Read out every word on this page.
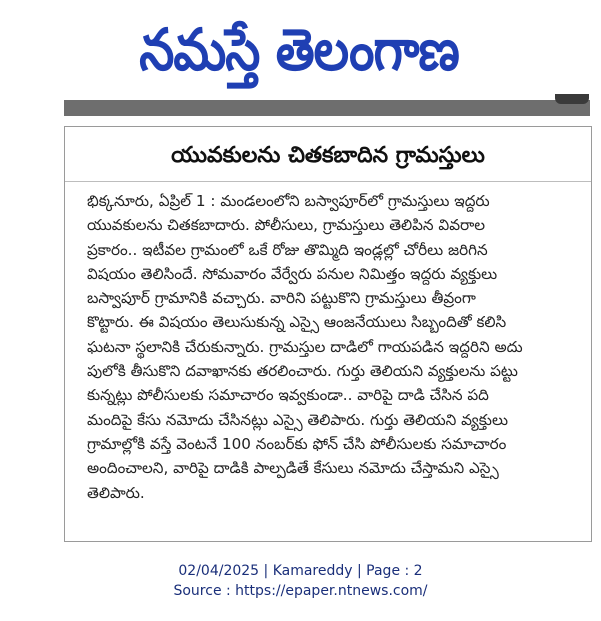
నమస్తే తెలంగాణ
యువకులను చితకబాదిన గ్రామస్తులు
భిక్కనూరు, ఏప్రిల్ 1 : మండలంలోని బస్వాపూర్‌లో గ్రామస్తులు ఇద్దరు
యువకులను చితకబాదారు. పోలీసులు, గ్రామస్తులు తెలిపిన వివరాల
ప్రకారం.. ఇటీవల గ్రామంలో ఒకే రోజు తొమ్మిది ఇండ్లల్లో చోరీలు జరిగిన
విషయం తెలిసిందే. సోమవారం వేర్వేరు పనుల నిమిత్తం ఇద్దరు వ్యక్తులు
బస్వాపూర్ గ్రామానికి వచ్చారు. వారిని పట్టుకొని గ్రామస్తులు తీవ్రంగా
కొట్టారు. ఈ విషయం తెలుసుకున్న ఎస్సై ఆంజనేయులు సిబ్బందితో కలిసి
ఘటనా స్థలానికి చేరుకున్నారు. గ్రామస్తుల దాడిలో గాయపడిన ఇద్దరిని అదు
పులోకి తీసుకొని దవాఖానకు తరలించారు. గుర్తు తెలియని వ్యక్తులను పట్టు
కున్నట్లు పోలీసులకు సమాచారం ఇవ్వకుండా.. వారిపై దాడి చేసిన పది
మందిపై కేసు నమోదు చేసినట్లు ఎస్సై తెలిపారు. గుర్తు తెలియని వ్యక్తులు
గ్రామాల్లోకి వస్తే వెంటనే 100 నంబర్‌కు ఫోన్ చేసి పోలీసులకు సమాచారం
అందించాలని, వారిపై దాడికి పాల్పడితే కేసులు నమోదు చేస్తామని ఎస్సై
తెలిపారు.
02/04/2025 | Kamareddy | Page : 2
Source : https://epaper.ntnews.com/
